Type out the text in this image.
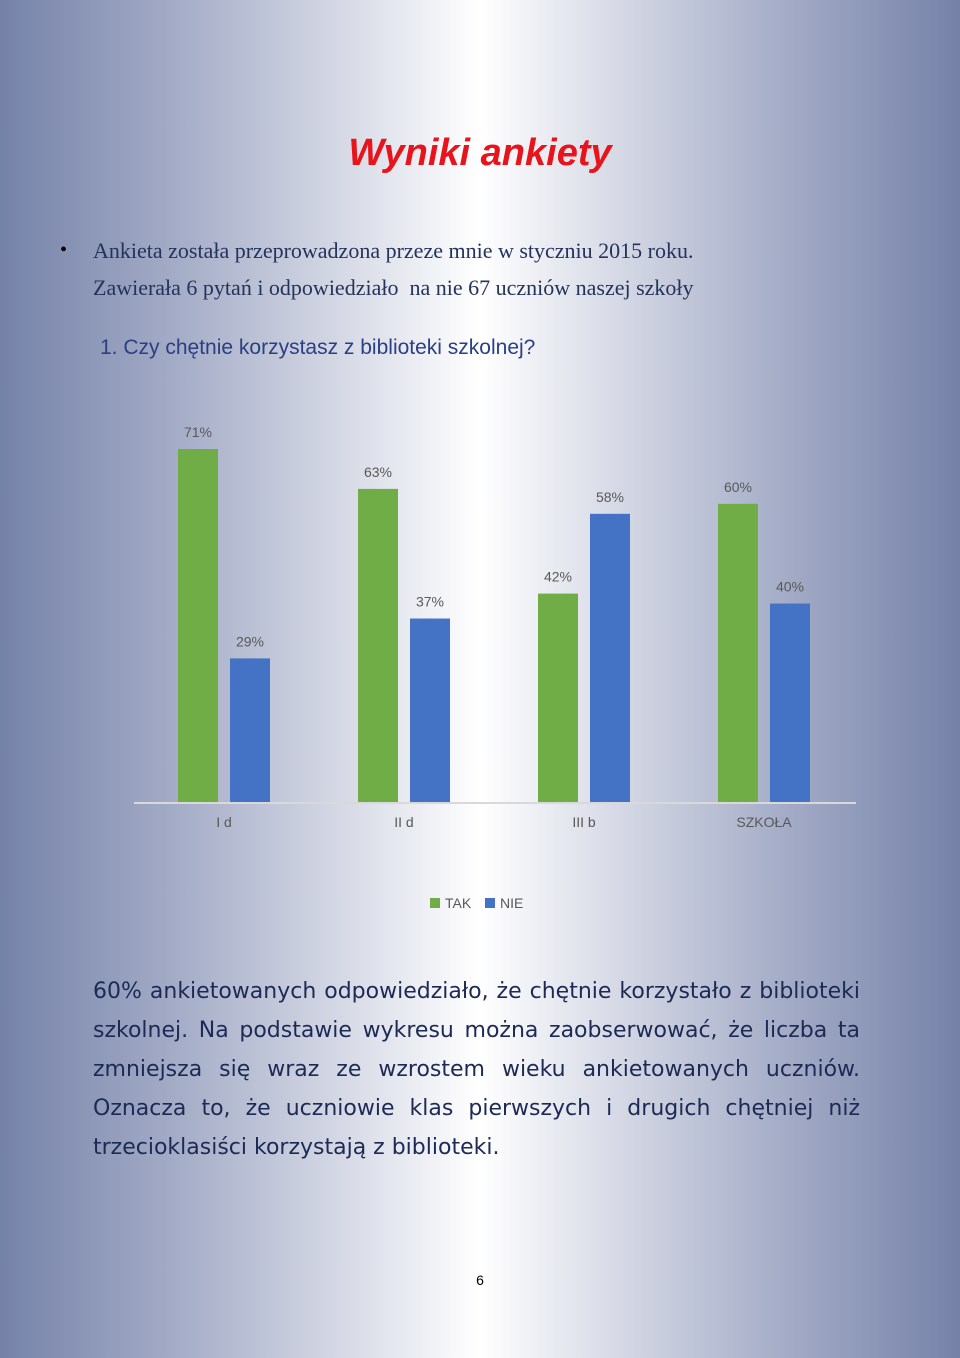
Wyniki ankiety
• Ankieta została przeprowadzona przeze mnie w styczniu 2015 roku.
Zawierała 6 pytań i odpowiedziało  na nie 67 uczniów naszej szkoły
1. Czy chętnie korzystasz z biblioteki szkolnej?
71%
29%
63%
37%
42%
58%
60%
40%
I d	II d	III b	SZKOŁA
TAK NIE
60% ankietowanych odpowiedziało, że chętnie korzystało z biblioteki szkolnej. Na podstawie wykresu można zaobserwować, że liczba ta zmniejsza się wraz ze wzrostem wieku ankietowanych uczniów. Oznacza to, że uczniowie klas pierwszych i drugich chętniej niż trzecioklasiści korzystają z biblioteki.
6
